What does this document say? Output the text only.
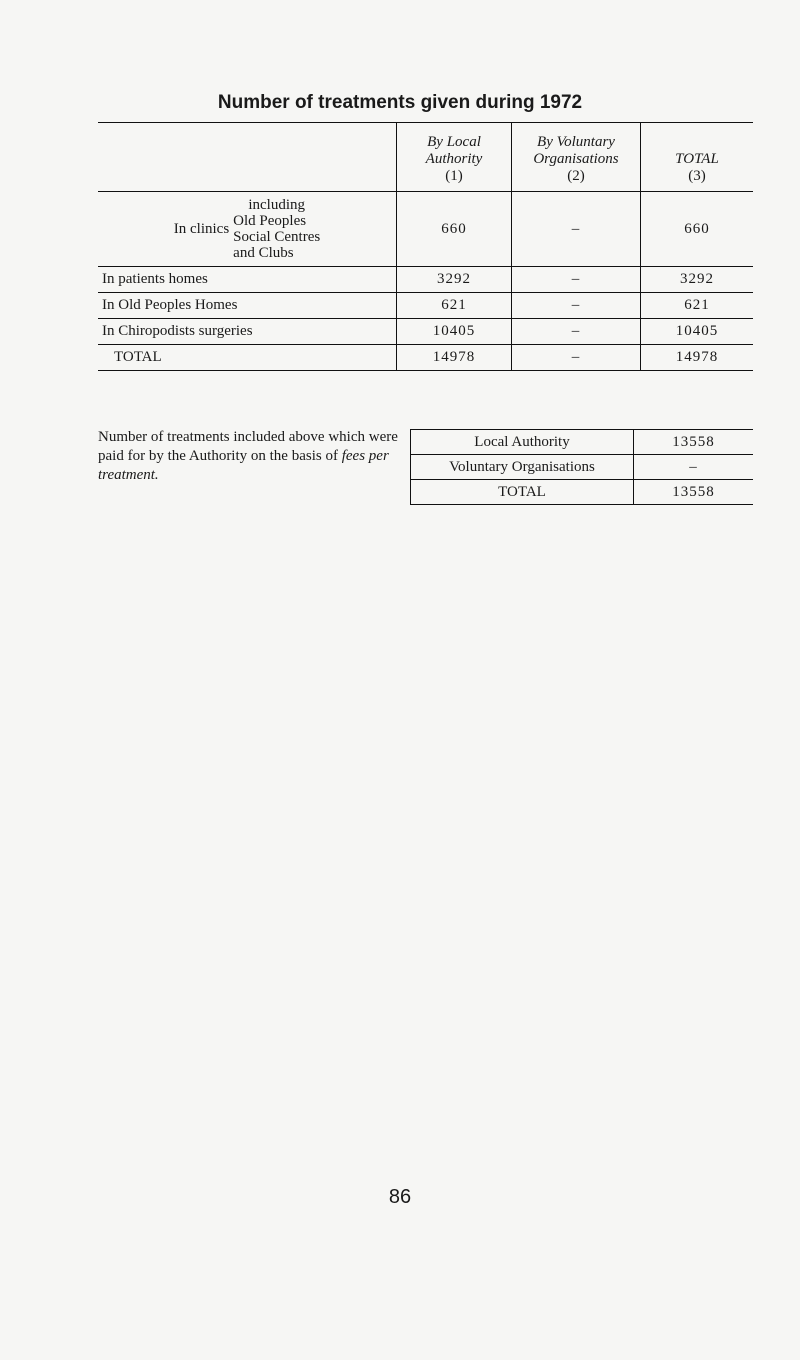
Number of treatments given during 1972
	By Local
Authority
(1)	By Voluntary
Organisations
(2)	TOTAL
(3)

In clinics
including
Old Peoples
Social Centres
and Clubs	660	–	660
In patients homes	3292	–	3292
In Old Peoples Homes	621	–	621
In Chiropodists surgeries	10405	–	10405
TOTAL	14978	–	14978

Number of treatments included above which were paid for by the Authority on the basis of fees per treatment.

Local Authority	13558
Voluntary Organisations	–
TOTAL	13558
86
